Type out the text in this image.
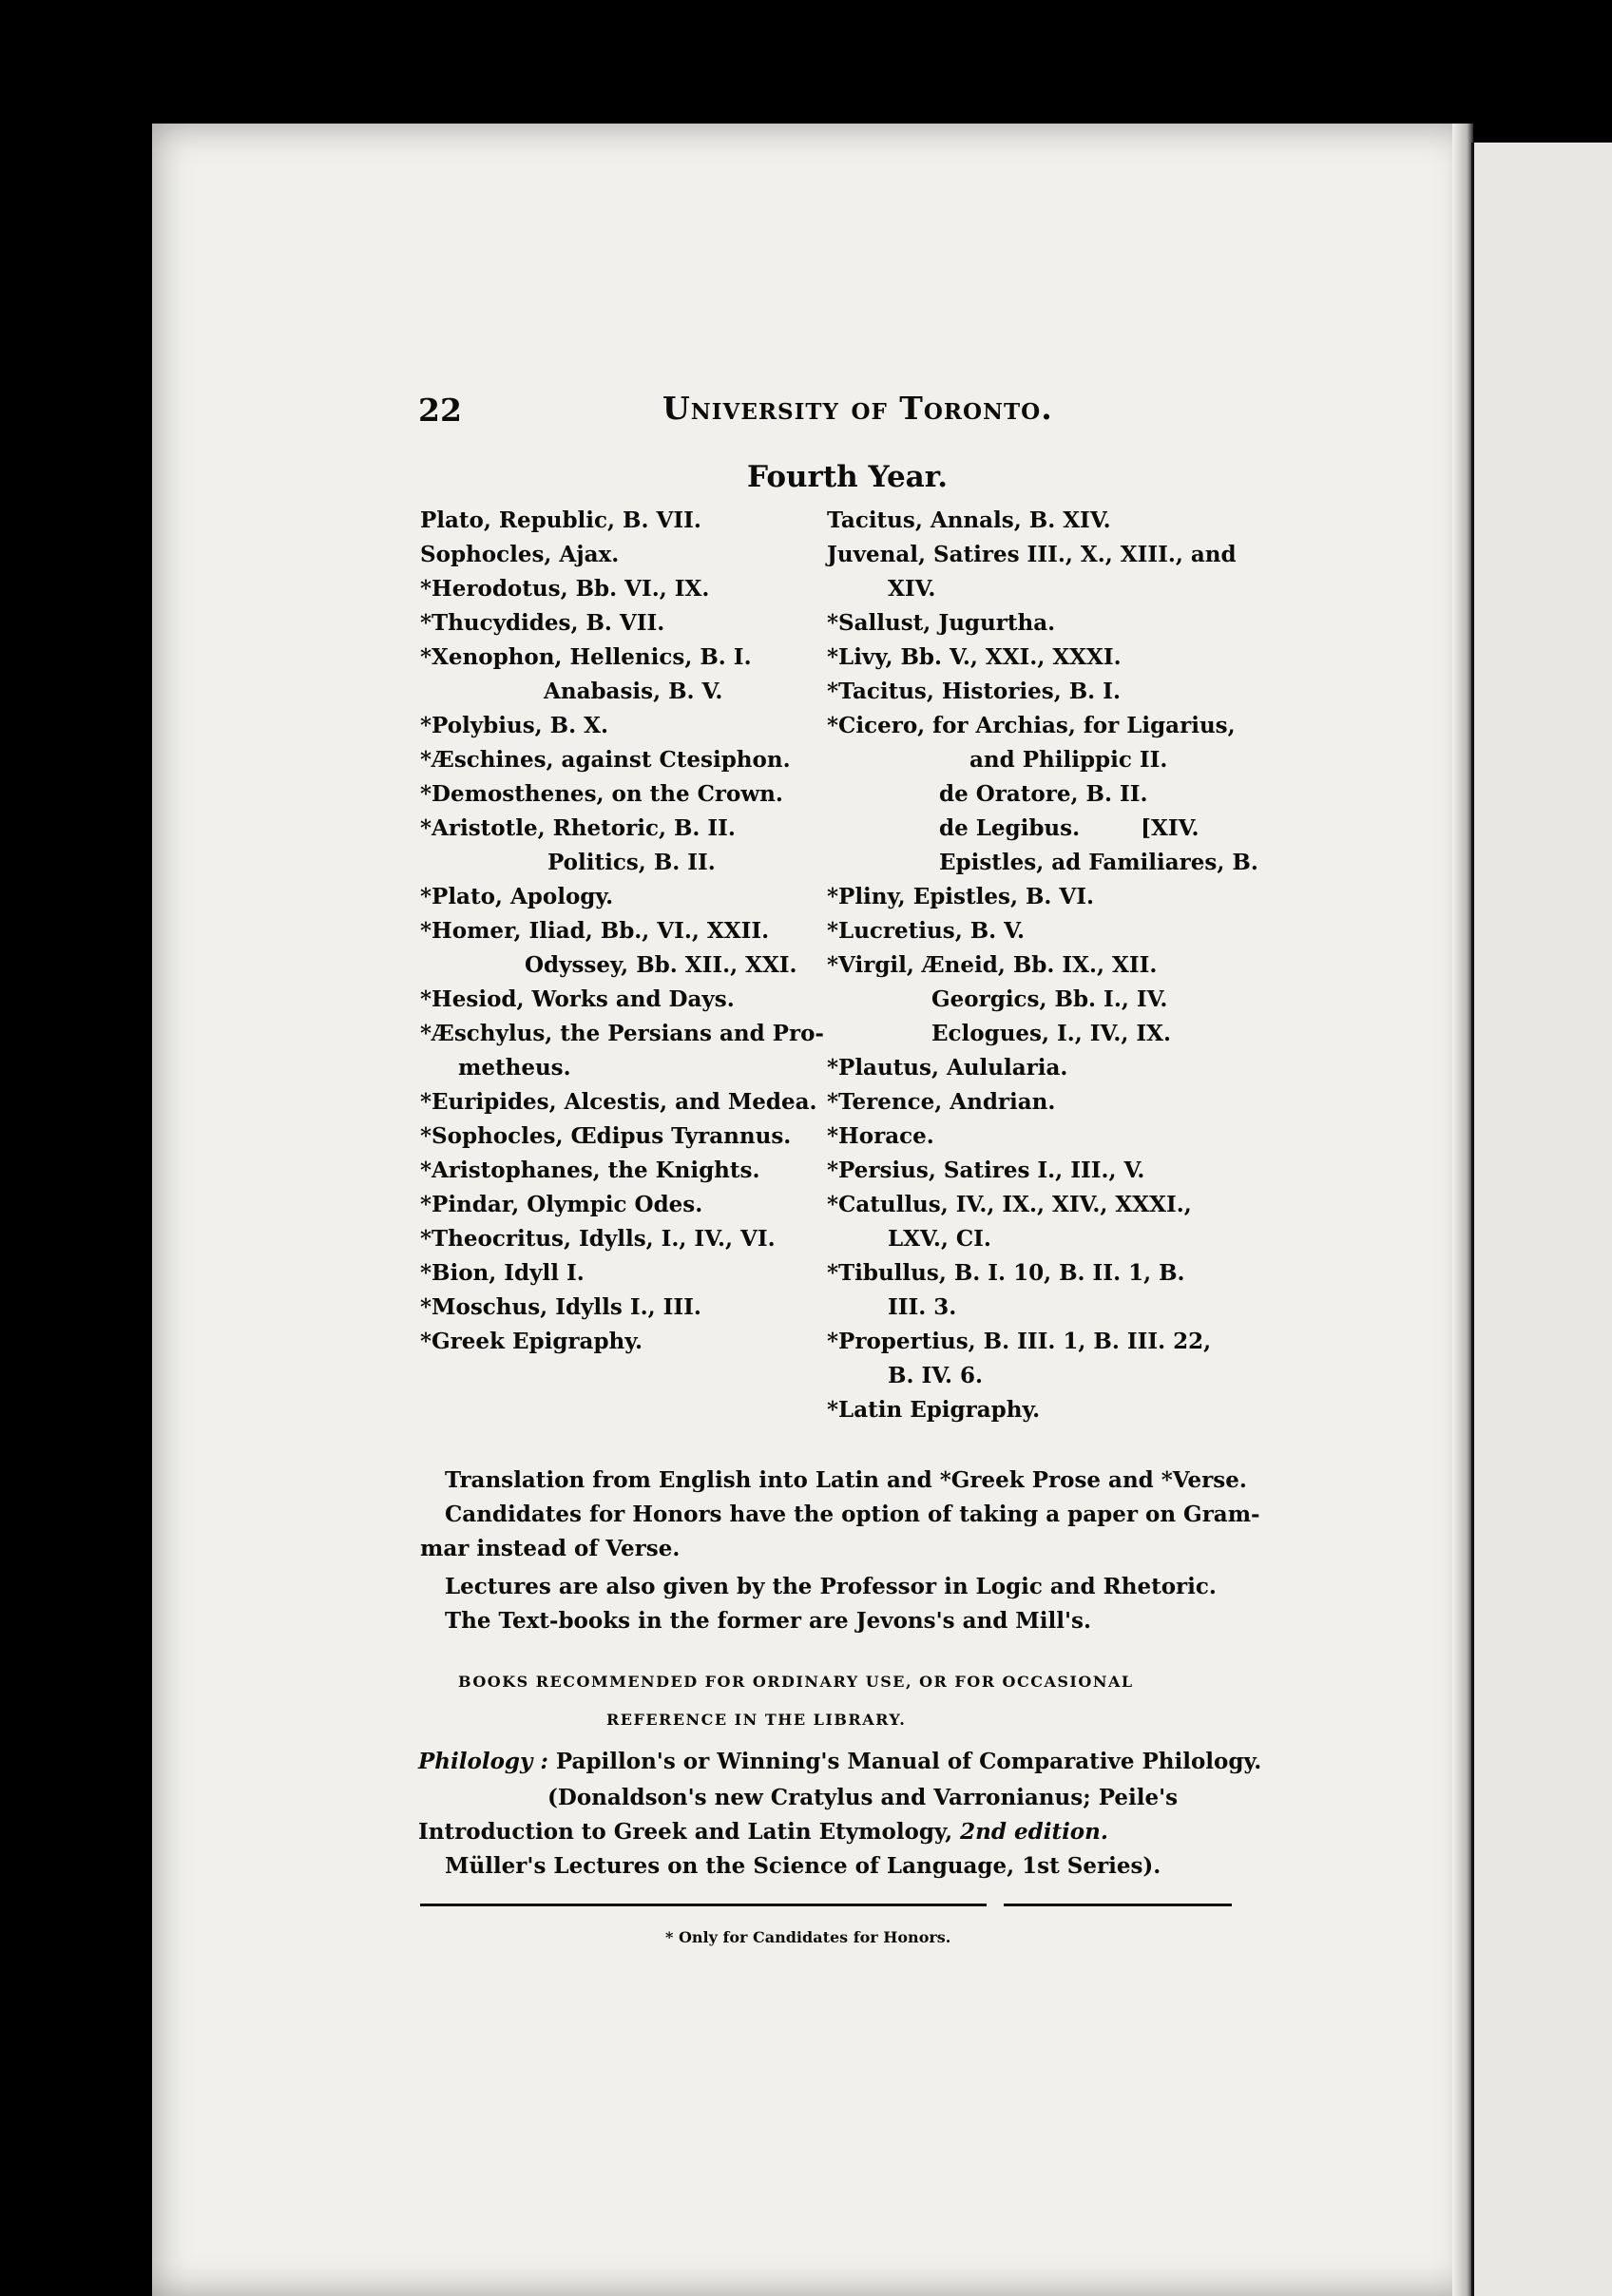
22	University of Toronto.
Fourth Year.
Plato, Republic, B. VII.
Sophocles, Ajax.
*Herodotus, Bb. VI., IX.
*Thucydides, B. VII.
*Xenophon, Hellenics, B. I.
Anabasis, B. V.
*Polybius, B. X.
*Æschines, against Ctesiphon.
*Demosthenes, on the Crown.
*Aristotle, Rhetoric, B. II.
Politics, B. II.
*Plato, Apology.
*Homer, Iliad, Bb., VI., XXII.
Odyssey, Bb. XII., XXI.
*Hesiod, Works and Days.
*Æschylus, the Persians and Pro-
metheus.
*Euripides, Alcestis, and Medea.
*Sophocles, Œdipus Tyrannus.
*Aristophanes, the Knights.
*Pindar, Olympic Odes.
*Theocritus, Idylls, I., IV., VI.
*Bion, Idyll I.
*Moschus, Idylls I., III.
*Greek Epigraphy.
Tacitus, Annals, B. XIV.
Juvenal, Satires III., X., XIII., and
XIV.
*Sallust, Jugurtha.
*Livy, Bb. V., XXI., XXXI.
*Tacitus, Histories, B. I.
*Cicero, for Archias, for Ligarius,
and Philippic II.
de Oratore, B. II.
de Legibus.        [XIV.
Epistles, ad Familiares, B.
*Pliny, Epistles, B. VI.
*Lucretius, B. V.
*Virgil, Æneid, Bb. IX., XII.
Georgics, Bb. I., IV.
Eclogues, I., IV., IX.
*Plautus, Aulularia.
*Terence, Andrian.
*Horace.
*Persius, Satires I., III., V.
*Catullus, IV., IX., XIV., XXXI.,
LXV., CI.
*Tibullus, B. I. 10, B. II. 1, B.
III. 3.
*Propertius, B. III. 1, B. III. 22,
B. IV. 6.
*Latin Epigraphy.
Translation from English into Latin and *Greek Prose and *Verse.
Candidates for Honors have the option of taking a paper on Gram-
mar instead of Verse.
Lectures are also given by the Professor in Logic and Rhetoric.
The Text-books in the former are Jevons's and Mill's.
BOOKS RECOMMENDED FOR ORDINARY USE, OR FOR OCCASIONAL
REFERENCE IN THE LIBRARY.
Philology : Papillon's or Winning's Manual of Comparative Philology.
(Donaldson's new Cratylus and Varronianus; Peile's
Introduction to Greek and Latin Etymology, 2nd edition.
Müller's Lectures on the Science of Language, 1st Series).
* Only for Candidates for Honors.
